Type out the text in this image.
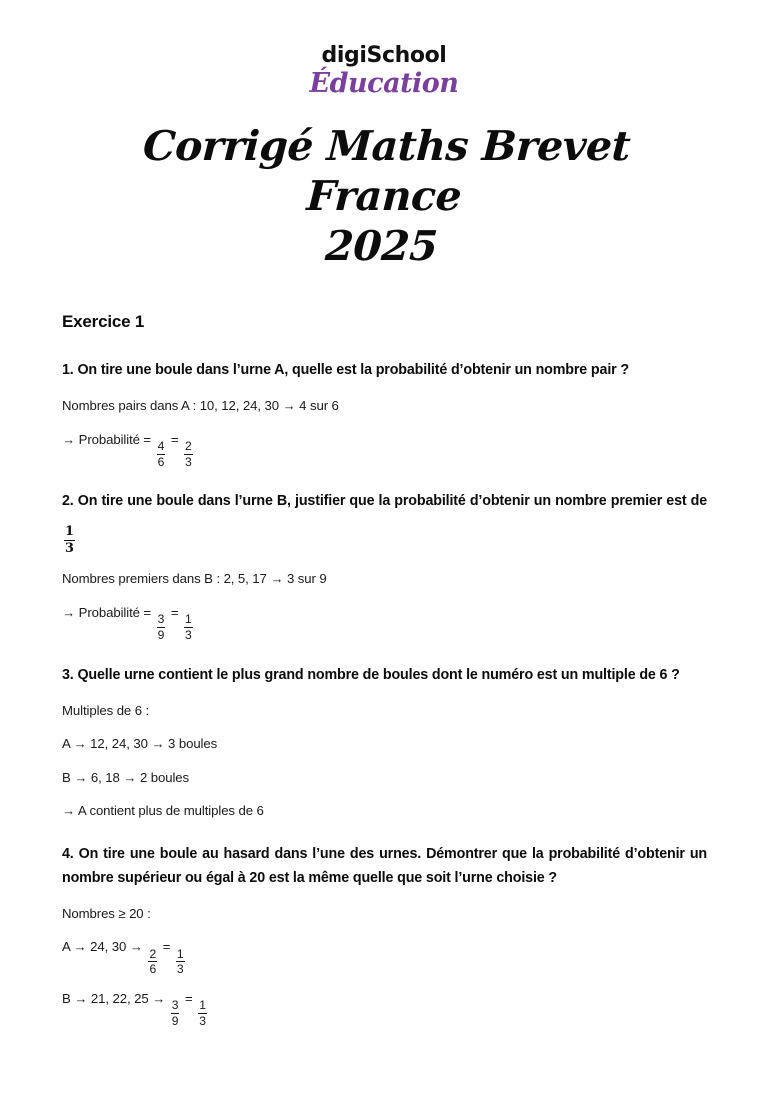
digiSchool
Éducation
Corrigé Maths Brevet France
2025
Exercice 1

1. On tire une boule dans l’urne A, quelle est la probabilité d’obtenir un nombre pair ?

Nombres pairs dans A : 10, 12, 24, 30 → 4 sur 6

→ Probabilité =
$\frac{4}{6}$
=
$\frac{2}{3}$

2. On tire une boule dans l’urne B, justifier que la probabilité d’obtenir un nombre premier est de
$\frac{1}{3}$

Nombres premiers dans B : 2, 5, 17 → 3 sur 9

→ Probabilité =
$\frac{3}{9}$
=
$\frac{1}{3}$

3. Quelle urne contient le plus grand nombre de boules dont le numéro est un multiple de 6 ?

Multiples de 6 :

A → 12, 24, 30 → 3 boules

B → 6, 18 → 2 boules

→ A contient plus de multiples de 6

4. On tire une boule au hasard dans l’une des urnes. Démontrer que la probabilité d’obtenir un nombre supérieur ou égal à 20 est la même quelle que soit l’urne choisie ?

Nombres ≥ 20 :

A → 24, 30 →
$\frac{2}{6}$
=
$\frac{1}{3}$

B → 21, 22, 25 →
$\frac{3}{9}$
=
$\frac{1}{3}$
